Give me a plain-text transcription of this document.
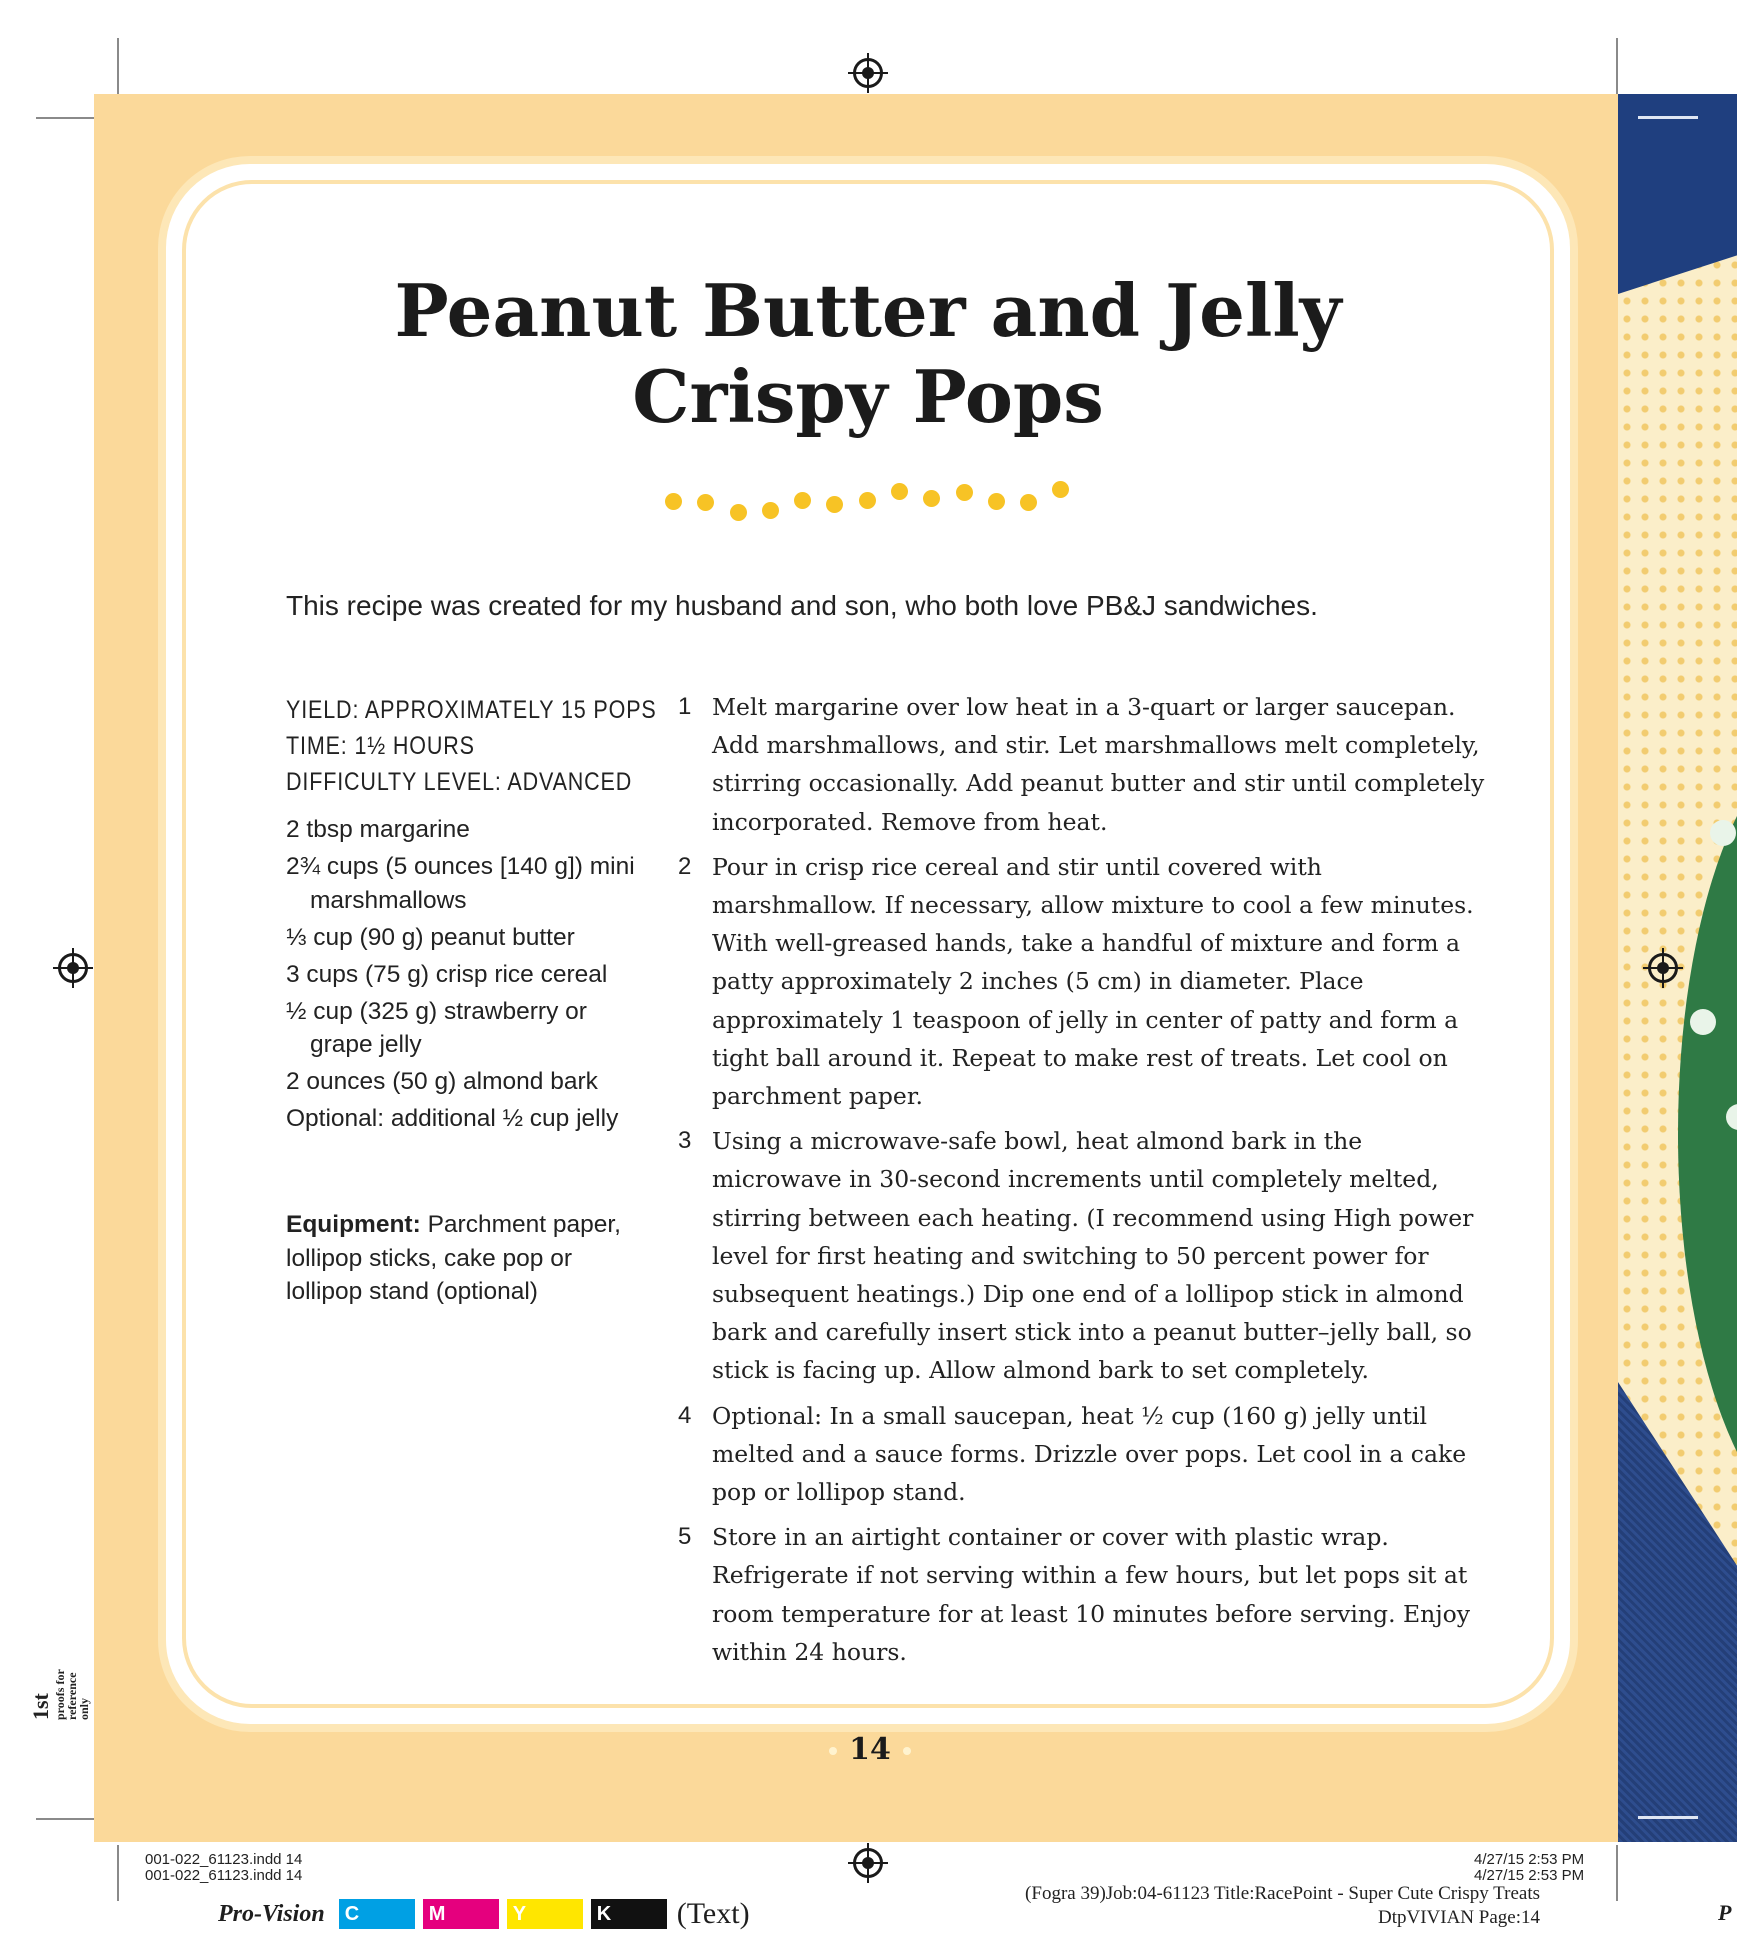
Peanut Butter and Jelly
Crispy Pops
This recipe was created for my husband and son, who both love PB&J sandwiches.
YIELD: APPROXIMATELY 15 POPS
TIME: 1½ HOURS
DIFFICULTY LEVEL: ADVANCED
2 tbsp margarine
2¾ cups (5 ounces [140 g]) mini marshmallows
⅓ cup (90 g) peanut butter
3 cups (75 g) crisp rice cereal
½ cup (325 g) strawberry or grape jelly
2 ounces (50 g) almond bark
Optional: additional ½ cup jelly
Equipment: Parchment paper, lollipop sticks, cake pop or lollipop stand (optional)
1 Melt margarine over low heat in a 3-quart or larger saucepan. Add marshmallows, and stir. Let marshmallows melt completely, stirring occasionally. Add peanut butter and stir until completely incorporated. Remove from heat.
2 Pour in crisp rice cereal and stir until covered with marshmallow. If necessary, allow mixture to cool a few minutes. With well-greased hands, take a handful of mixture and form a patty approximately 2 inches (5 cm) in diameter. Place approximately 1 teaspoon of jelly in center of patty and form a tight ball around it. Repeat to make rest of treats. Let cool on parchment paper.
3 Using a microwave-safe bowl, heat almond bark in the microwave in 30-second increments until completely melted, stirring between each heating. (I recommend using High power level for first heating and switching to 50 percent power for subsequent heatings.) Dip one end of a lollipop stick in almond bark and carefully insert stick into a peanut butter–jelly ball, so stick is facing up. Allow almond bark to set completely.
4 Optional: In a small saucepan, heat ½ cup (160 g) jelly until melted and a sauce forms. Drizzle over pops. Let cool in a cake pop or lollipop stand.
5 Store in an airtight container or cover with plastic wrap. Refrigerate if not serving within a few hours, but let pops sit at room temperature for at least 10 minutes before serving. Enjoy within 24 hours.
14
1st proofs for
reference
only
001-022_61123.indd 14
001-022_61123.indd 14
4/27/15 2:53 PM
4/27/15 2:53 PM
Pro-Vision	C	M	Y	K	(Text)
(Fogra 39)Job:04-61123 Title:RacePoint - Super Cute Crispy Treats
DtpVIVIAN Page:14	P
